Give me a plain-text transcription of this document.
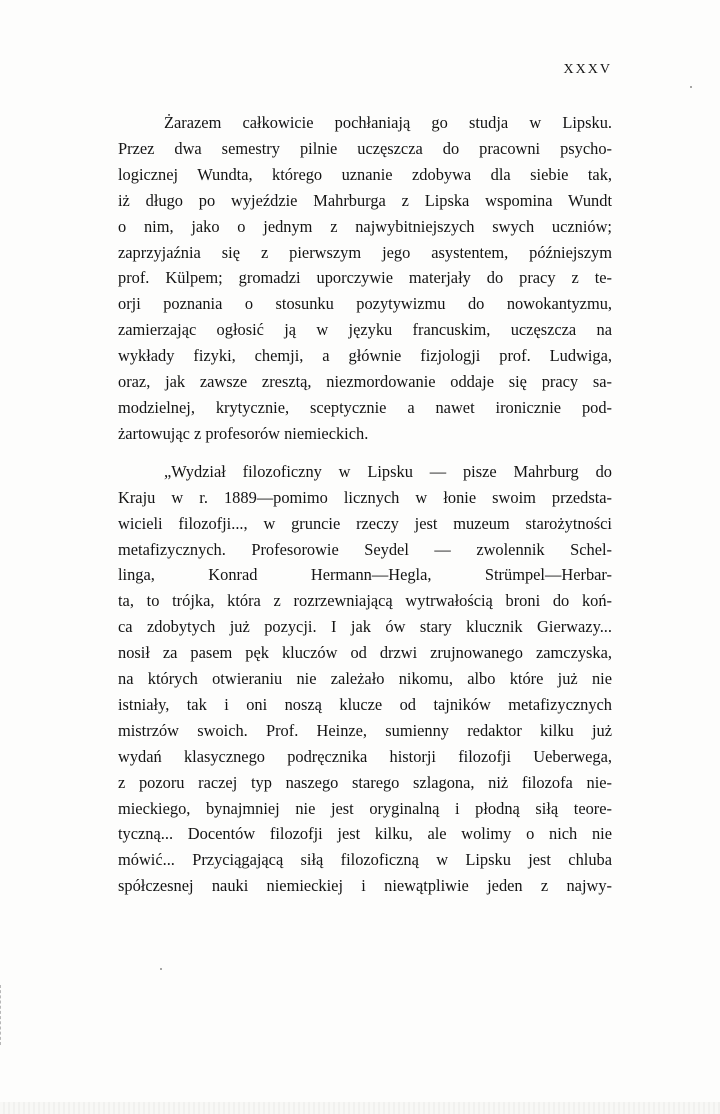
XXXV

Żarazem całkowicie pochłaniają go studja w Lipsku.
Przez dwa semestry pilnie uczęszcza do pracowni psycho-
logicznej Wundta, którego uznanie zdobywa dla siebie tak,
iż długo po wyjeździe Mahrburga z Lipska wspomina Wundt
o nim, jako o jednym z najwybitniejszych swych uczniów;
zaprzyjaźnia się z pierwszym jego asystentem, późniejszym
prof. Külpem; gromadzi uporczywie materjały do pracy z te-
orji poznania o stosunku pozytywizmu do nowokantyzmu,
zamierzając ogłosić ją w języku francuskim, uczęszcza na
wykłady fizyki, chemji, a głównie fizjologji prof. Ludwiga,
oraz, jak zawsze zresztą, niezmordowanie oddaje się pracy sa-
modzielnej, krytycznie, sceptycznie a nawet ironicznie pod-
żartowując z profesorów niemieckich.

„Wydział filozoficzny w Lipsku — pisze Mahrburg do
Kraju w r. 1889—pomimo licznych w łonie swoim przedsta-
wicieli filozofji..., w gruncie rzeczy jest muzeum starożytności
metafizycznych. Profesorowie Seydel — zwolennik Schel-
linga, Konrad Hermann—Hegla, Strümpel—Herbar-
ta, to trójka, która z rozrzewniającą wytrwałością broni do koń-
ca zdobytych już pozycji. I jak ów stary klucznik Gierwazy...
nosił za pasem pęk kluczów od drzwi zrujnowanego zamczyska,
na których otwieraniu nie zależało nikomu, albo które już nie
istniały, tak i oni noszą klucze od tajników metafizycznych
mistrzów swoich. Prof. Heinze, sumienny redaktor kilku już
wydań klasycznego podręcznika historji filozofji Ueberwega,
z pozoru raczej typ naszego starego szlagona, niż filozofa nie-
mieckiego, bynajmniej nie jest oryginalną i płodną siłą teore-
tyczną... Docentów filozofji jest kilku, ale wolimy o nich nie
mówić... Przyciągającą siłą filozoficzną w Lipsku jest chluba
spółczesnej nauki niemieckiej i niewątpliwie jeden z najwy-
